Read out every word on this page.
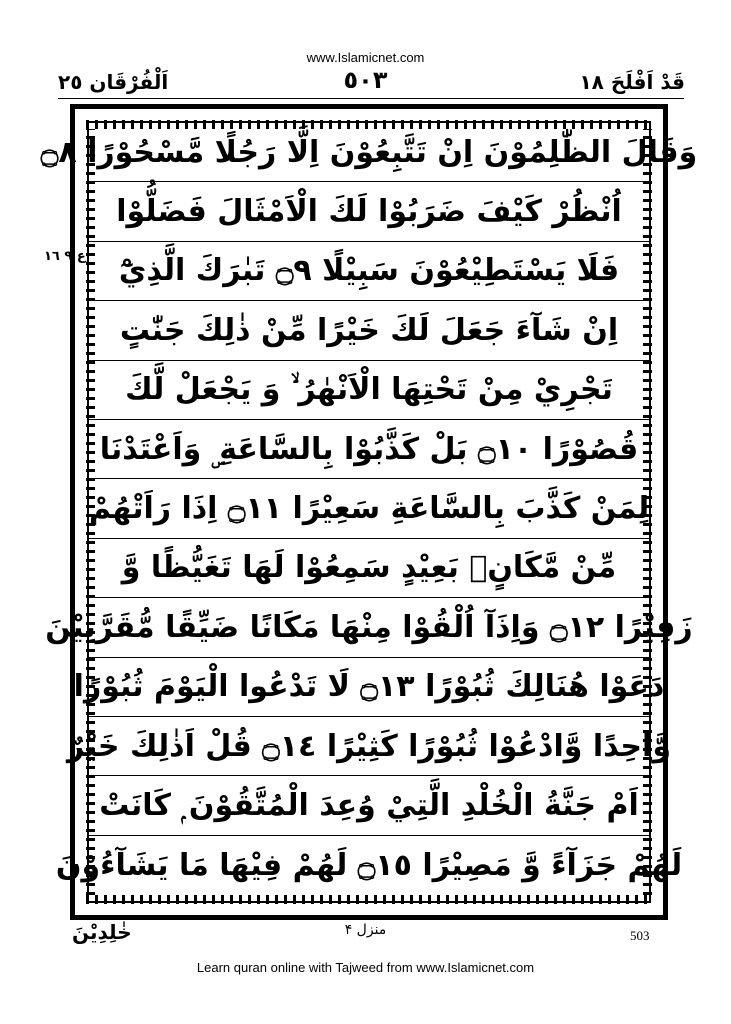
www.Islamicnet.com
قَدْ اَفْلَحَ ١٨
٥٠٣
اَلْفُرْقَان ٢٥
وَقَالَ الظّٰلِمُوْنَ اِنْ تَتَّبِعُوْنَ اِلَّا رَجُلًا مَّسْحُوْرًا ۝٨
اُنْظُرْ كَيْفَ ضَرَبُوْا لَكَ الْاَمْثَالَ فَضَلُّوْا
فَلَا يَسْتَطِيْعُوْنَ سَبِيْلًا ۝٩ تَبٰرَكَ الَّذِيْٓ
اِنْ شَآءَ جَعَلَ لَكَ خَيْرًا مِّنْ ذٰلِكَ جَنّٰتٍ
تَجْرِيْ مِنْ تَحْتِهَا الْاَنْهٰرُ ۙ وَ يَجْعَلْ لَّكَ
قُصُوْرًا ۝١٠ بَلْ كَذَّبُوْا بِالسَّاعَةِ ۣ وَاَعْتَدْنَا
لِمَنْ كَذَّبَ بِالسَّاعَةِ سَعِيْرًا ۝١١ اِذَا رَاَتْهُمْ
مِّنْ مَّكَانٍۭ بَعِيْدٍ سَمِعُوْا لَهَا تَغَيُّظًا وَّ
زَفِيْرًا ۝١٢ وَاِذَآ اُلْقُوْا مِنْهَا مَكَانًا ضَيِّقًا مُّقَرَّنِيْنَ
دَعَوْا هُنَالِكَ ثُبُوْرًا ۝١٣ لَا تَدْعُوا الْيَوْمَ ثُبُوْرًا
وَّاحِدًا وَّادْعُوْا ثُبُوْرًا كَثِيْرًا ۝١٤ قُلْ اَذٰلِكَ خَيْرٌ
اَمْ جَنَّةُ الْخُلْدِ الَّتِيْ وُعِدَ الْمُتَّقُوْنَ ۭ كَانَتْ
لَهُمْ جَزَآءً وَّ مَصِيْرًا ۝١٥ لَهُمْ فِيْهَا مَا يَشَآءُوْنَ
ع ٩ ١٦
خٰلِدِيْنَ	منزل ۴	503
Learn quran online with Tajweed from www.Islamicnet.com
